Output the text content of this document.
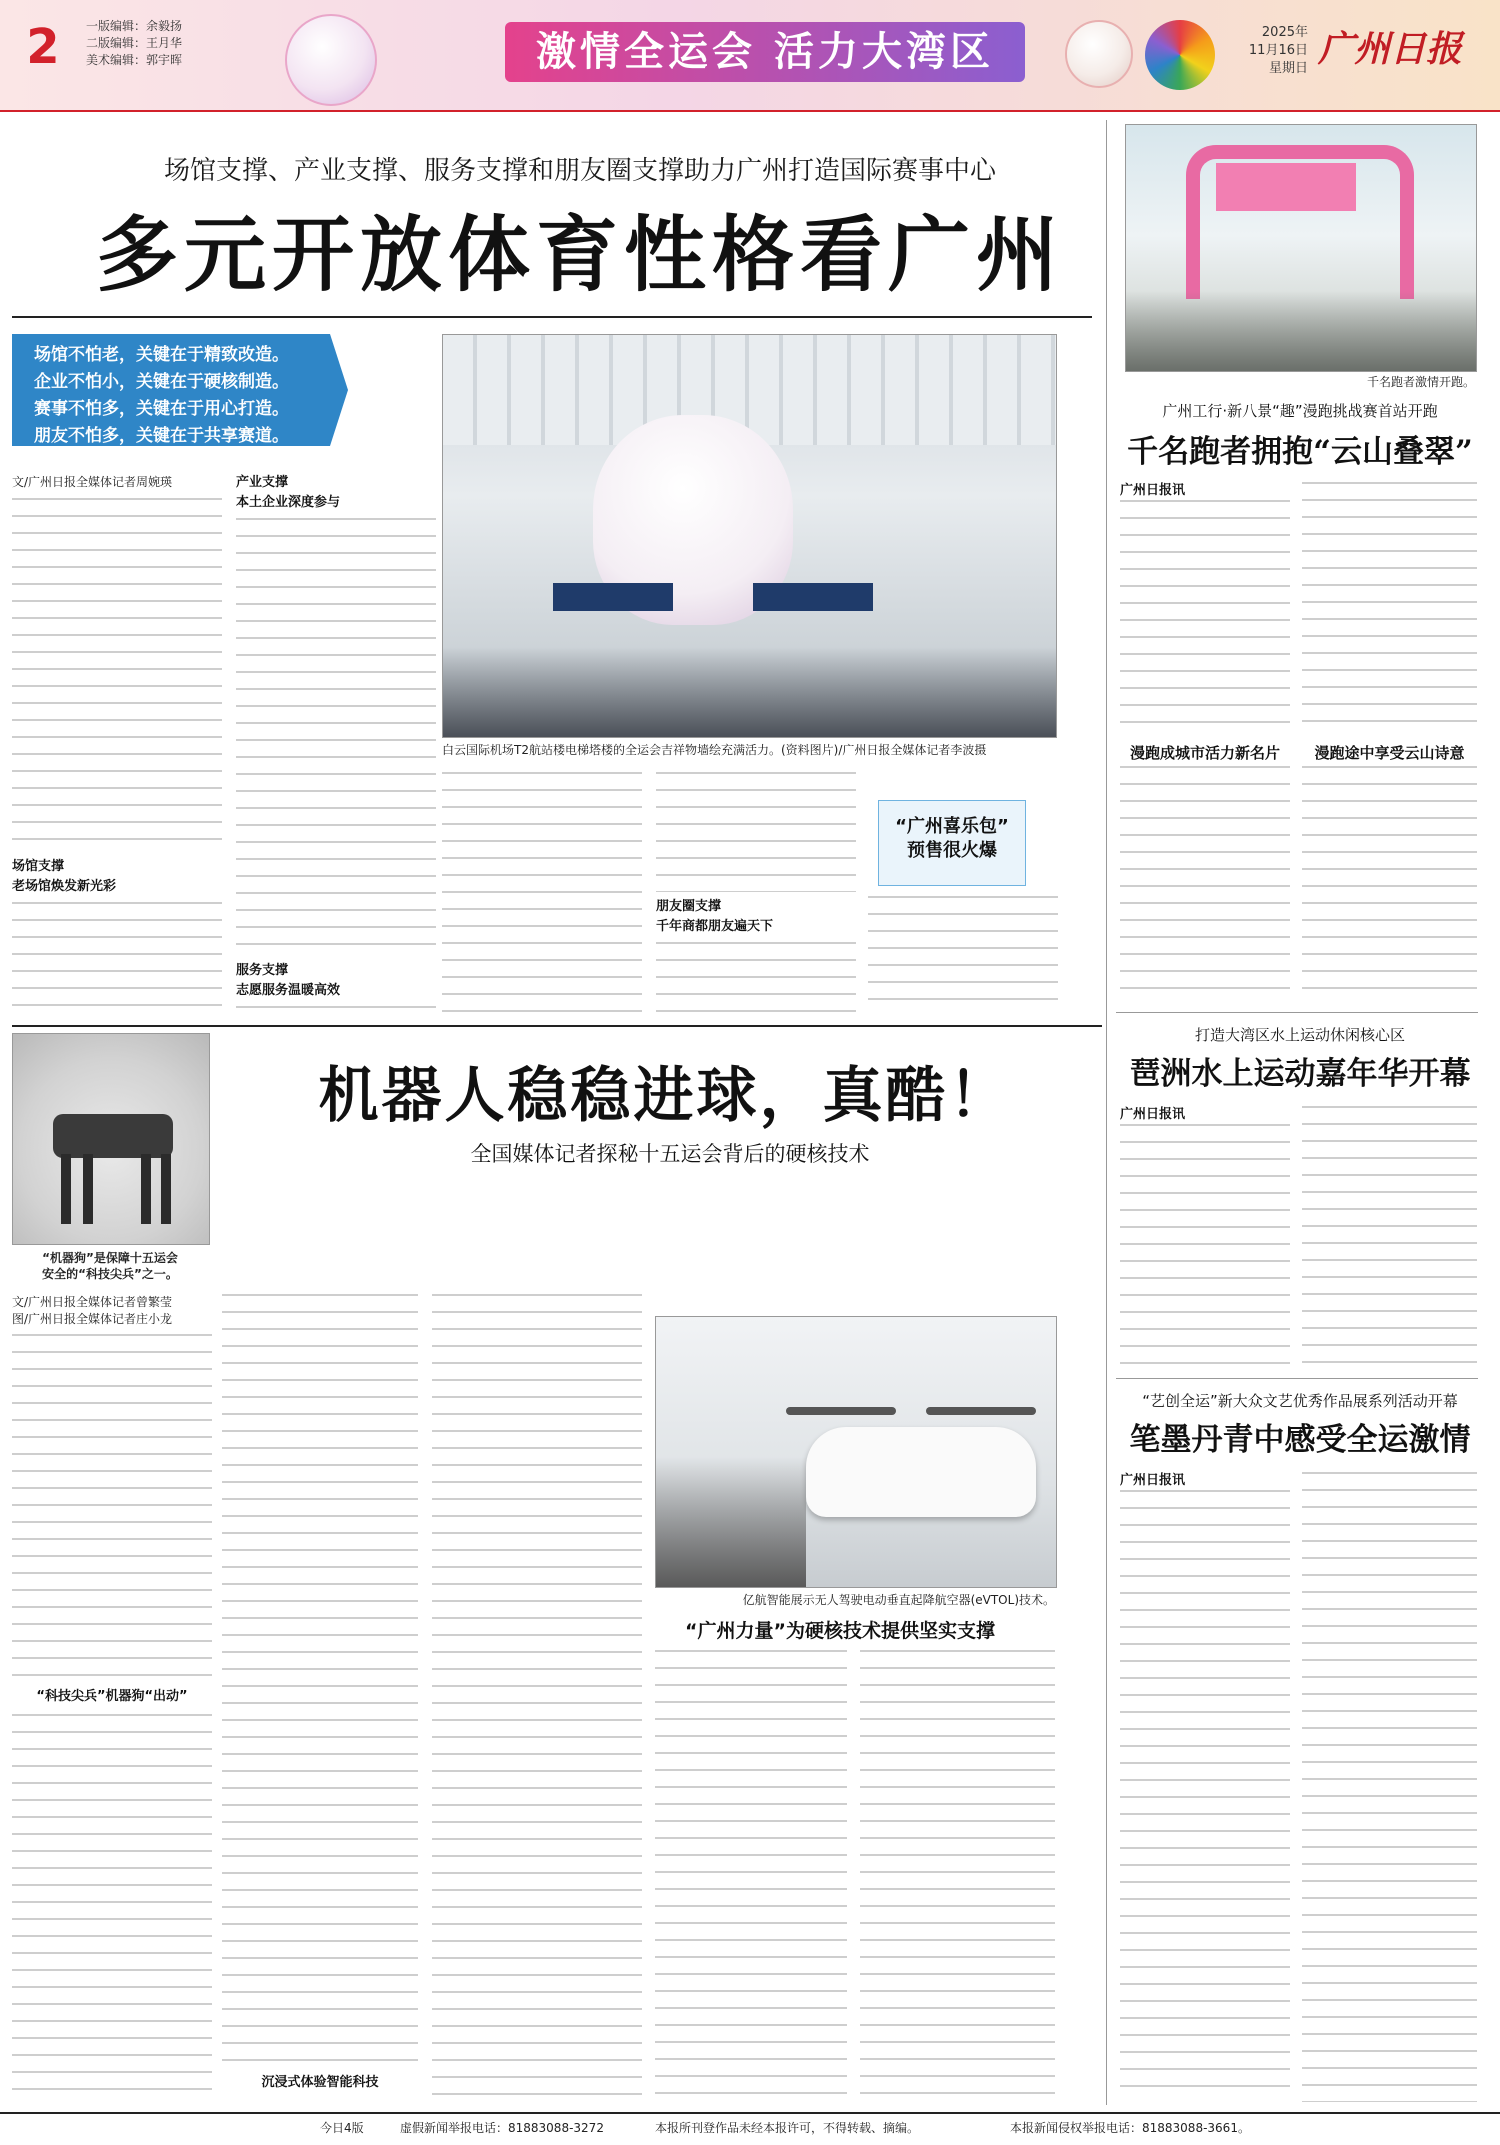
2	一版编辑：余毅扬
二版编辑：王月华
美术编辑：郭宇晖	激情全运会 活力大湾区	2025年
11月16日
星期日 广州日报
场馆支撑、产业支撑、服务支撑和朋友圈支撑助力广州打造国际赛事中心
多元开放体育性格看广州
场馆不怕老，关键在于精致改造。
企业不怕小，关键在于硬核制造。
赛事不怕多，关键在于用心打造。
朋友不怕多，关键在于共享赛道。
白云国际机场T2航站楼电梯塔楼的全运会吉祥物墙绘充满活力。(资料图片)/广州日报全媒体记者李波摄
文/广州日报全媒体记者周婉瑛
场馆支撑
老场馆焕发新光彩
产业支撑
本土企业深度参与
服务支撑
志愿服务温暖高效
朋友圈支撑
千年商都朋友遍天下
“广州喜乐包”
预售很火爆
千名跑者激情开跑。
广州工行·新八景“趣”漫跑挑战赛首站开跑
千名跑者拥抱“云山叠翠”
广州日报讯
漫跑成城市活力新名片	漫跑途中享受云山诗意
打造大湾区水上运动休闲核心区
琶洲水上运动嘉年华开幕
广州日报讯
“艺创全运”新大众文艺优秀作品展系列活动开幕
笔墨丹青中感受全运激情
广州日报讯
“机器狗”是保障十五运会
安全的“科技尖兵”之一。
机器人稳稳进球，真酷！
全国媒体记者探秘十五运会背后的硬核技术
文/广州日报全媒体记者曾繁莹
图/广州日报全媒体记者庄小龙
“科技尖兵”机器狗“出动”
沉浸式体验智能科技
亿航智能展示无人驾驶电动垂直起降航空器(eVTOL)技术。
“广州力量”为硬核技术提供坚实支撑
今日4版	虚假新闻举报电话：81883088-3272	本报所刊登作品未经本报许可，不得转载、摘编。	本报新闻侵权举报电话：81883088-3661。
